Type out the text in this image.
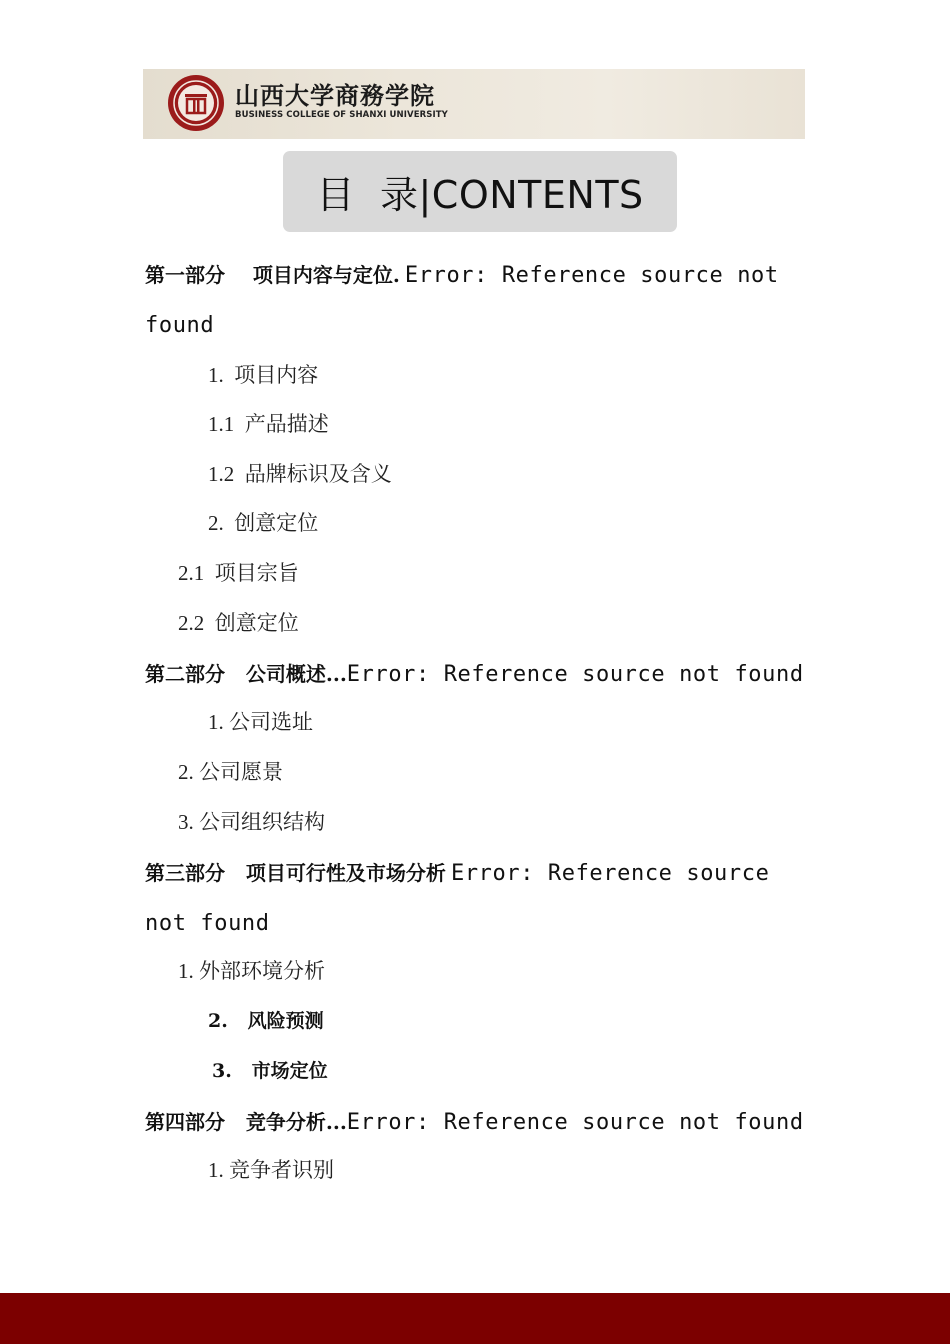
山西大学商務学院
BUSINESS COLLEGE OF SHANXI UNIVERSITY
目  录|CONTENTS
第一部分    项目内容与定位. Error: Reference source not
found
1.  项目内容
1.1  产品描述
1.2  品牌标识及含义
2.  创意定位
2.1  项目宗旨
2.2  创意定位
第二部分   公司概述...Error: Reference source not found
1. 公司选址
2. 公司愿景
3. 公司组织结构
第三部分   项目可行性及市场分析 Error: Reference source
not found
1. 外部环境分析
2.   风险预测
3.   市场定位
第四部分   竞争分析...Error: Reference source not found
1. 竞争者识别
